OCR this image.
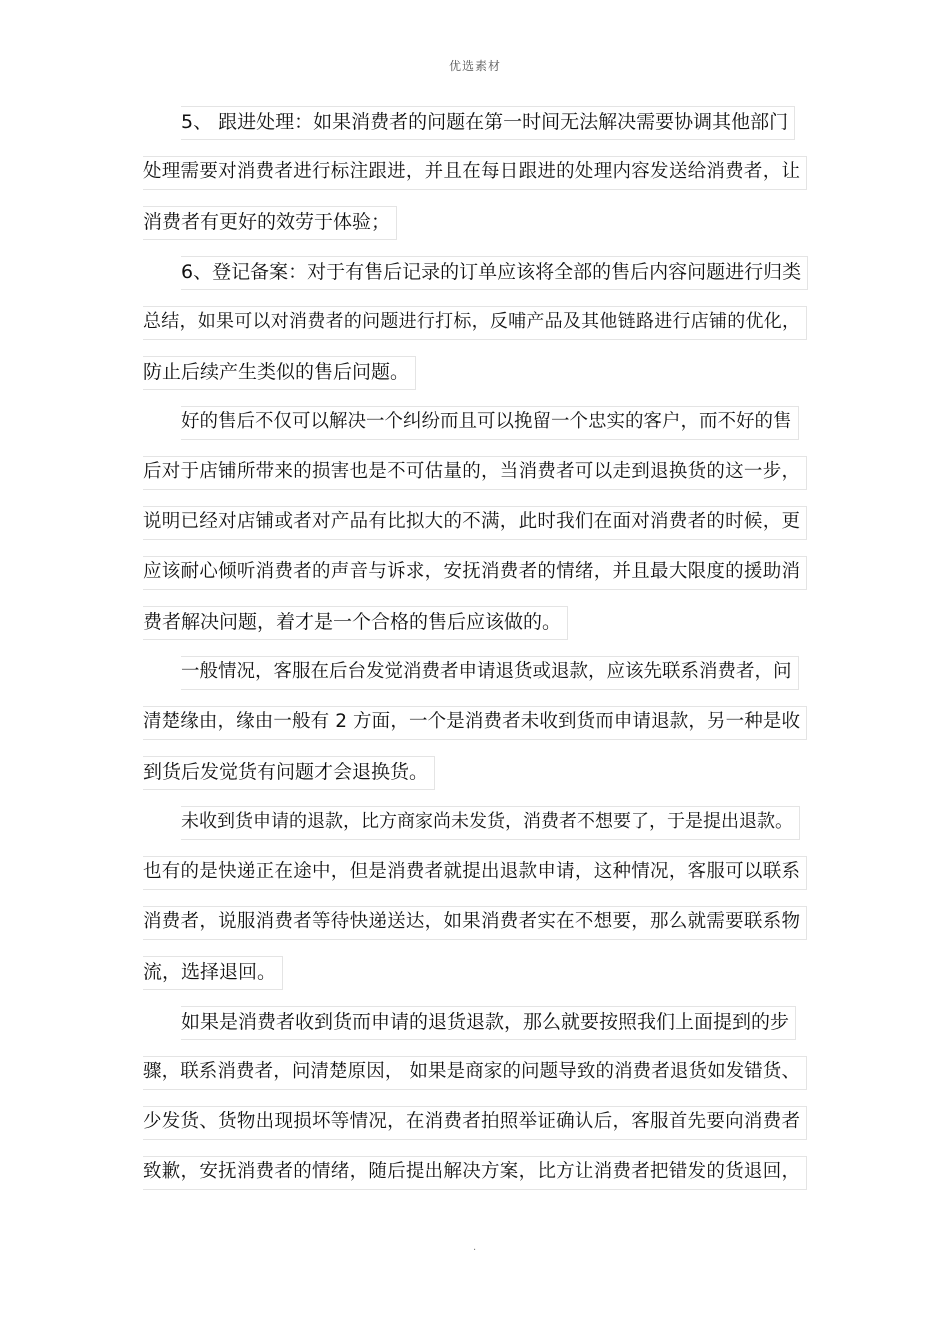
优选素材
5、 跟进处理：如果消费者的问题在第一时间无法解决需要协调其他部门
处理需要对消费者进行标注跟进，并且在每日跟进的处理内容发送给消费者，让
消费者有更好的效劳于体验；
6、登记备案：对于有售后记录的订单应该将全部的售后内容问题进行归类
总结，如果可以对消费者的问题进行打标，反哺产品及其他链路进行店铺的优化，
防止后续产生类似的售后问题。
好的售后不仅可以解决一个纠纷而且可以挽留一个忠实的客户，而不好的售
后对于店铺所带来的损害也是不可估量的，当消费者可以走到退换货的这一步，
说明已经对店铺或者对产品有比拟大的不满，此时我们在面对消费者的时候，更
应该耐心倾听消费者的声音与诉求，安抚消费者的情绪，并且最大限度的援助消
费者解决问题，着才是一个合格的售后应该做的。
一般情况，客服在后台发觉消费者申请退货或退款，应该先联系消费者，问
清楚缘由，缘由一般有 2 方面，一个是消费者未收到货而申请退款，另一种是收
到货后发觉货有问题才会退换货。
未收到货申请的退款，比方商家尚未发货，消费者不想要了，于是提出退款。
也有的是快递正在途中，但是消费者就提出退款申请，这种情况，客服可以联系
消费者，说服消费者等待快递送达，如果消费者实在不想要，那么就需要联系物
流，选择退回。
如果是消费者收到货而申请的退货退款，那么就要按照我们上面提到的步
骤，联系消费者，问清楚原因， 如果是商家的问题导致的消费者退货如发错货、
少发货、货物出现损坏等情况，在消费者拍照举证确认后，客服首先要向消费者
致歉，安抚消费者的情绪，随后提出解决方案，比方让消费者把错发的货退回，
.
